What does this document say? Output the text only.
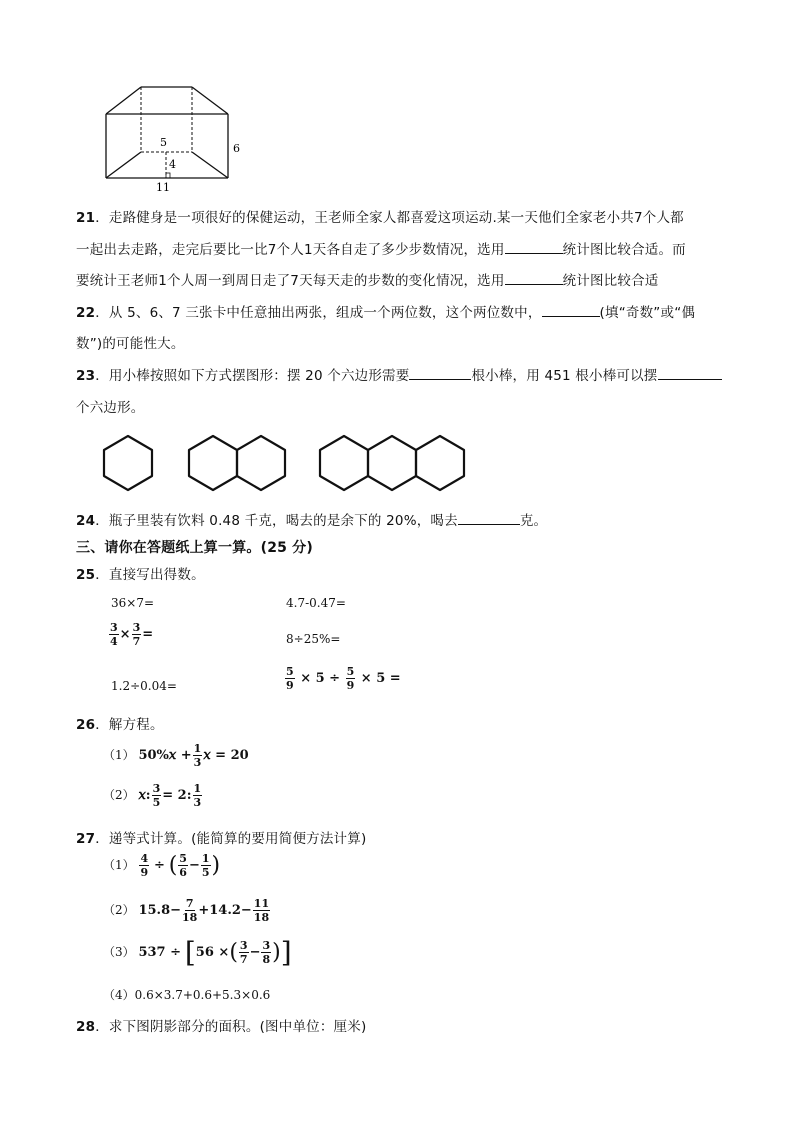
5
4
6
11
21．走路健身是一项很好的保健运动，王老师全家人都喜爱这项运动.某一天他们全家老小共7个人都
一起出去走路，走完后要比一比7个人1天各自走了多少步数情况，选用	统计图比较合适。而
要统计王老师1个人周一到周日走了7天每天走的步数的变化情况，选用	统计图比较合适
22．从 5、6、7 三张卡中任意抽出两张，组成一个两位数，这个两位数中，	(填“奇数”或“偶
数”)的可能性大。
23．用小棒按照如下方式摆图形：摆 20 个六边形需要	根小棒，用 451 根小棒可以摆
个六边形。
24．瓶子里装有饮料 0.48 千克，喝去的是余下的 20%，喝去	克。
三、请你在答题纸上算一算。(25 分)
25．直接写出得数。
36×7=	4.7-0.47=
$\frac{3}{4} \times \frac{3}{7}$ =	8÷25%=
1.2÷0.04=	$\frac{5}{9} \times 5 \div \frac{5}{9} \times 5$ =
26．解方程。
（1） 50%𝑥 + $\frac{1}{3}$ 𝑥 = 20
（2） 𝑥: $\frac{3}{5} = 2$: $\frac{1}{3}$
27．递等式计算。(能简算的要用简便方法计算)
$(1) \frac{4}{9}$ ÷ ( $\frac{5}{6} - \frac{1}{5}$ )
（2） $15.8- \frac{7}{18} +14.2- \frac{11}{18}$
（3） 537 ÷ [56 ×( $\frac{3}{7} - \frac{3}{8}$ )]
（4）0.6×3.7+0.6+5.3×0.6
28．求下图阴影部分的面积。(图中单位：厘米)
